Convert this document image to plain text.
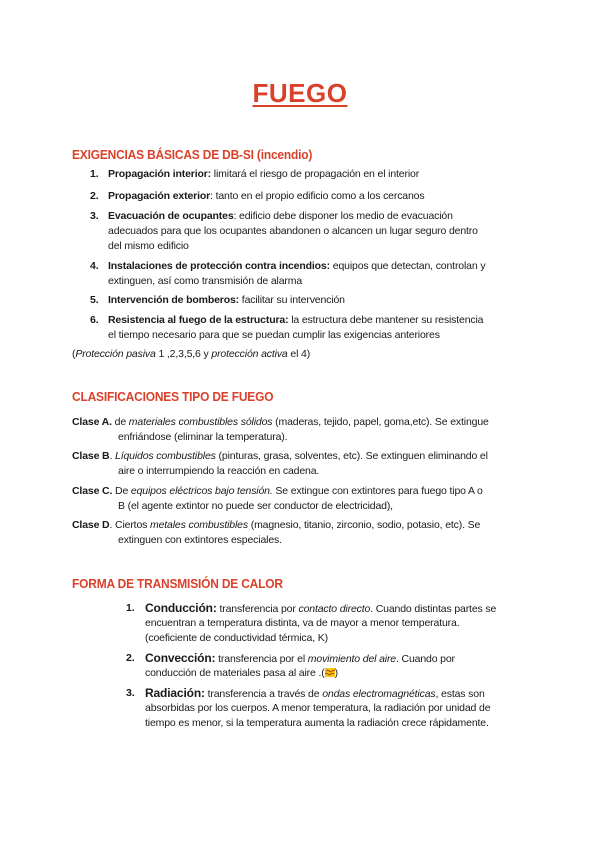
FUEGO
EXIGENCIAS BÁSICAS DE DB-SI (incendio)
1. Propagación interior: limitará el riesgo de propagación en el interior
2. Propagación exterior: tanto en el propio edificio como a los cercanos
3. Evacuación de ocupantes: edificio debe disponer los medio de evacuación
adecuados para que los ocupantes abandonen o alcancen un lugar seguro dentro
del mismo edificio
4. Instalaciones de protección contra incendios: equipos que detectan, controlan y
extinguen, así como transmisión de alarma
5. Intervención de bomberos: facilitar su intervención
6. Resistencia al fuego de la estructura: la estructura debe mantener su resistencia
el tiempo necesario para que se puedan cumplir las exigencias anteriores
(Protección pasiva 1 ,2,3,5,6 y protección activa el 4)
CLASIFICACIONES TIPO DE FUEGO
Clase A. de materiales combustibles sólidos (maderas, tejido, papel, goma,etc). Se extingue
enfriándose (eliminar la temperatura).
Clase B. Líquidos combustibles (pinturas, grasa, solventes, etc). Se extinguen eliminando el
aire o interrumpiendo la reacción en cadena.
Clase C. De equipos eléctricos bajo tensión. Se extingue con extintores para fuego tipo A o
B (el agente extintor no puede ser conductor de electricidad),
Clase D. Ciertos metales combustibles (magnesio, titanio, zirconio, sodio, potasio, etc). Se
extinguen con extintores especiales.
FORMA DE TRANSMISIÓN DE CALOR
1. Conducción: transferencia por contacto directo. Cuando distintas partes se
encuentran a temperatura distinta, va de mayor a menor temperatura.
(coeficiente de conductividad térmica, K)
2. Convección: transferencia por el movimiento del aire. Cuando por
conducción de materiales pasa al aire .( )
3. Radiación: transferencia a través de ondas electromagnéticas, estas son
absorbidas por los cuerpos. A menor temperatura, la radiación por unidad de
tiempo es menor, si la temperatura aumenta la radiación crece rápidamente.
